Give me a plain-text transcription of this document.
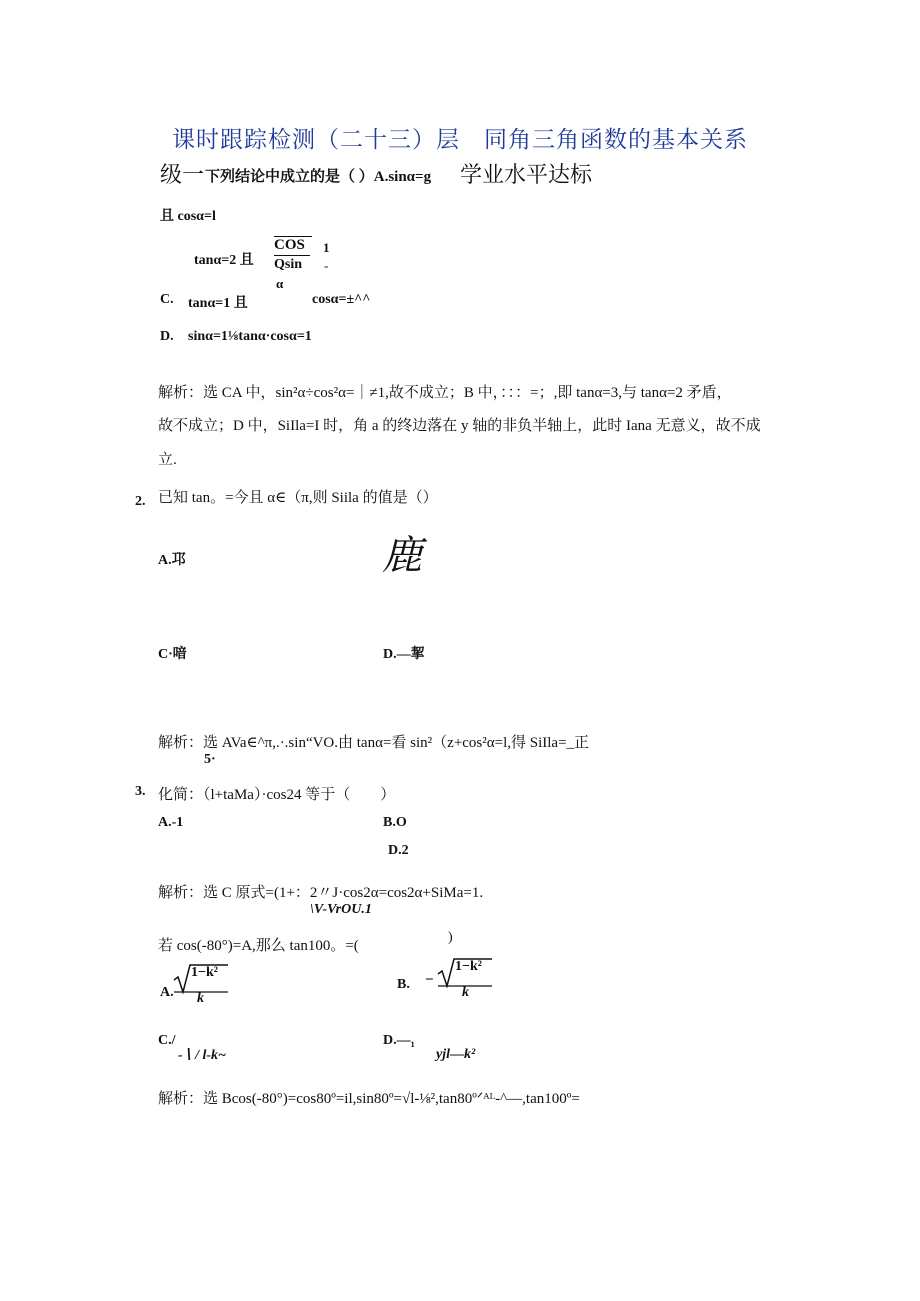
课时跟踪检测（二十三）层　同角三角函数的基本关系
级一 下列结论中成立的是（ ）A.sinα=g 学业水平达标
且 cosα=l
tanα=2 且
COS
Qsin
α
1
-
C. tanα=1 且	cosα=±^^
D. sinα=1⅛tanα·cosα=1
解析：选 CA 中，sin²α÷cos²α=｜≠1,故不成立；B 中，：：：=；,即 tanα=3,与 tanα=2 矛盾，
故不成立；D 中，SiIla=I 时，角 a 的终边落在 y 轴的非负半轴上，此时 Iana 无意义，故不成
立.
2. 已知 tan。=今且 α∈（π,则 Siila 的值是（）
A.邛	鹿
C·喑	D.—挈
解析：选 AVa∈^π,.·.sin“VO.由 tanα=看 sin²（z+cos²α=l,得 SiIla=_正
5·
3. 化简：（l+taMa）·cos24 等于（　　）
A.-1	B.O
D.2
解析：选 C 原式=(1+：2〃J·cos2α=cos2α+SiMa=1.
\V-VrOU.1
若 cos(-80°)=A,那么 tan100。=(
)
A.
1−k²
k
B. −
1−k²
k
C./
-∖ / l-k~
D.—₁
yjl—k²
解析：选 Bcos(-80°)=cos80º=il,sin80º=√l-⅛²,tan80ºᐟᴬᴸ-^—,tan100º=
